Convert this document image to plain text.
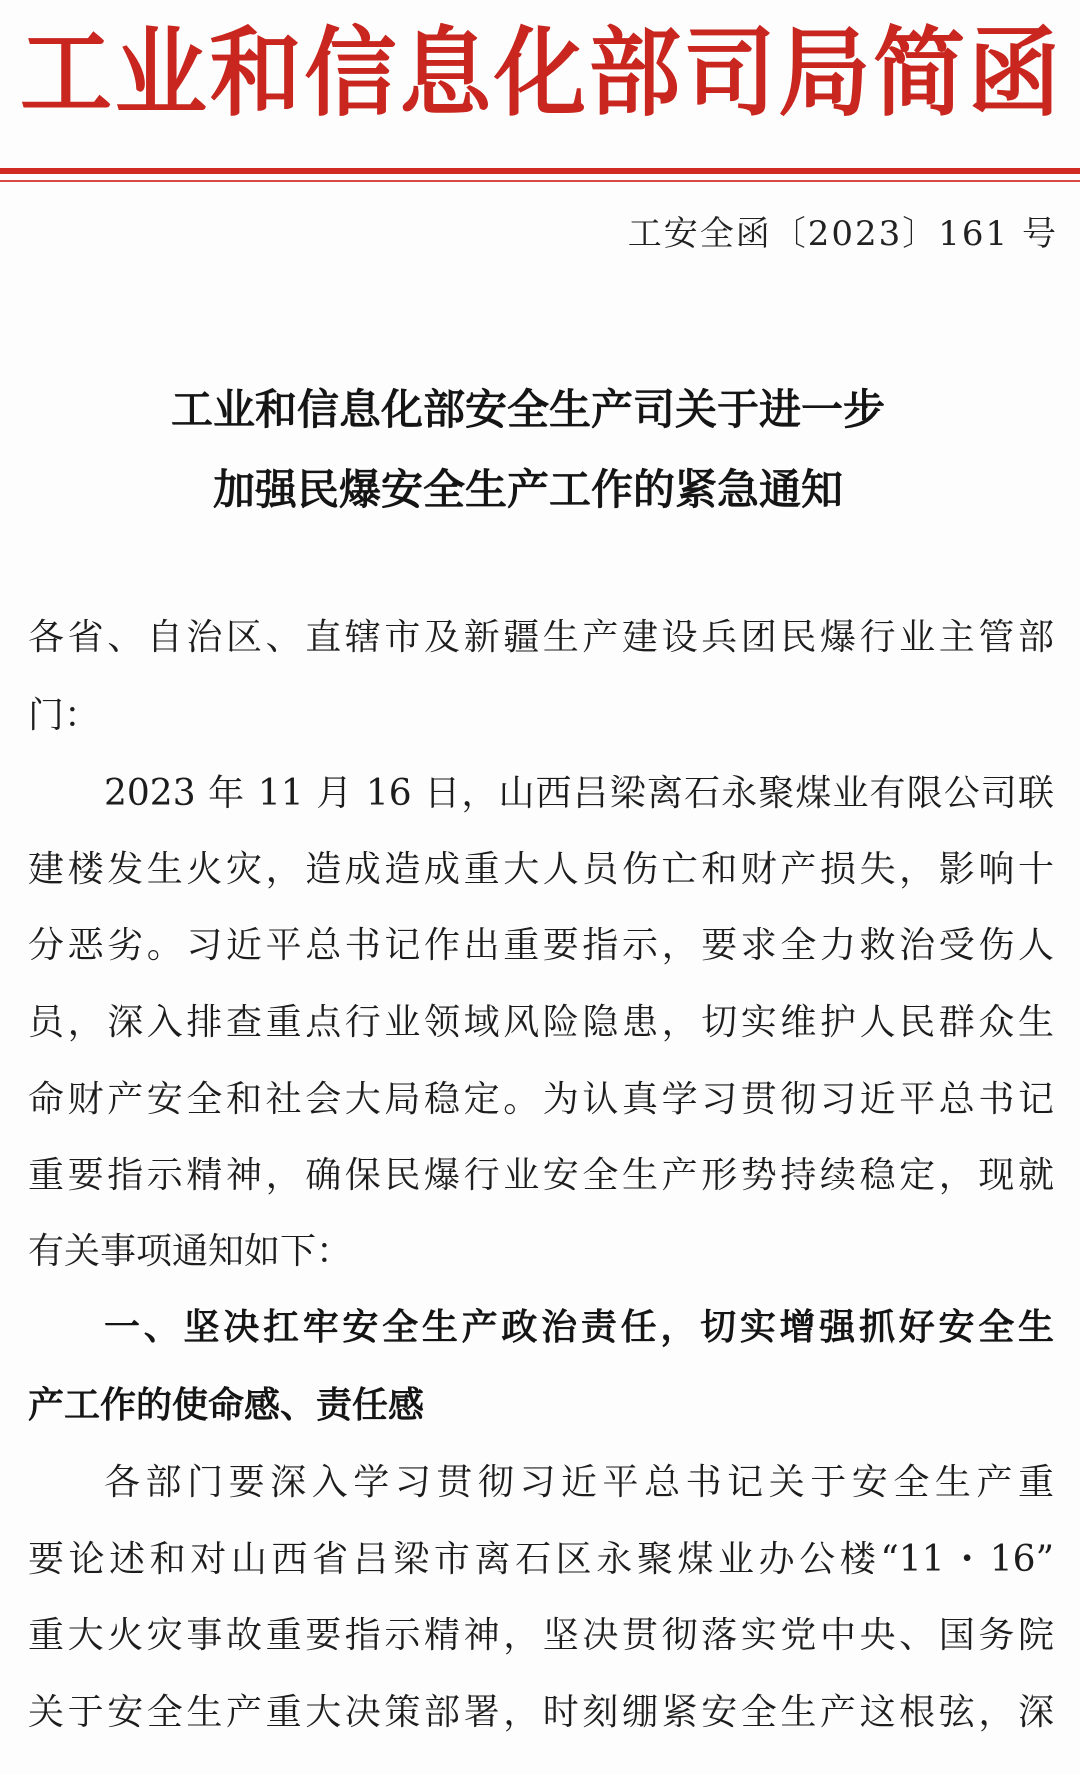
工 业 和 信 息 化 部 司 局 简 函
工安全函〔2023〕161 号
工业和信息化部安全生产司关于进一步
加强民爆安全生产工作的紧急通知
各省、自治区、直辖市及新疆生产建设兵团民爆行业主管部
门：
2023 年 11 月 16 日，山西吕梁离石永聚煤业有限公司联
建楼发生火灾，造成造成重大人员伤亡和财产损失，影响十
分恶劣。习近平总书记作出重要指示，要求全力救治受伤人
员，深入排查重点行业领域风险隐患，切实维护人民群众生
命财产安全和社会大局稳定。为认真学习贯彻习近平总书记
重要指示精神，确保民爆行业安全生产形势持续稳定，现就
有关事项通知如下：
一、坚决扛牢安全生产政治责任，切实增强抓好安全生
产工作的使命感、责任感
各部门要深入学习贯彻习近平总书记关于安全生产重
要论述和对山西省吕梁市离石区永聚煤业办公楼“11・16”
重大火灾事故重要指示精神，坚决贯彻落实党中央、国务院
关于安全生产重大决策部署，时刻绷紧安全生产这根弦，深
